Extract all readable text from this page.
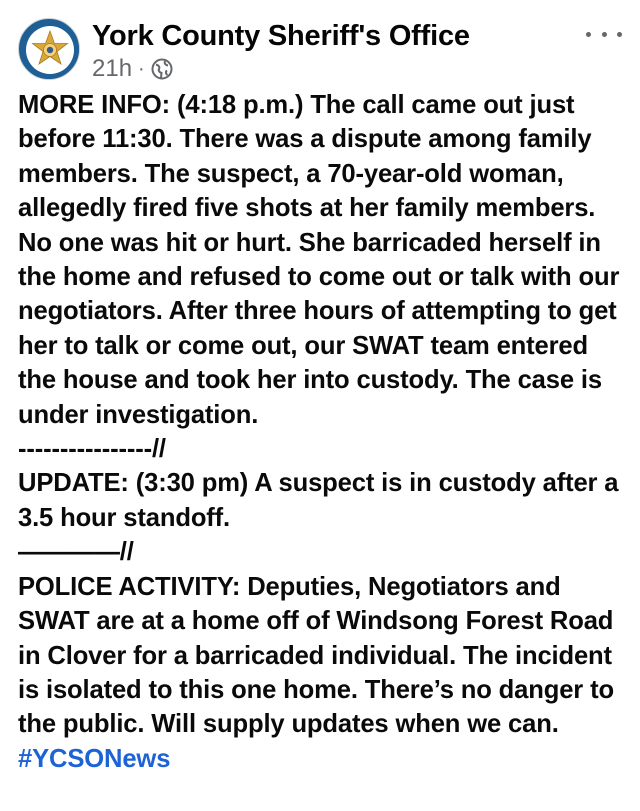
York County Sheriff's Office
21h ·

MORE INFO: (4:18 p.m.) The call came out just before 11:30. There was a dispute among family members. The suspect, a 70-year-old woman, allegedly fired five shots at her family members. No one was hit or hurt. She barricaded herself in the home and refused to come out or talk with our negotiators. After three hours of attempting to get her to talk or come out, our SWAT team entered the house and took her into custody. The case is under investigation.

----------------//

UPDATE: (3:30 pm) A suspect is in custody after a 3.5 hour standoff.

————//

POLICE ACTIVITY: Deputies, Negotiators and SWAT are at a home off of Windsong Forest Road in Clover for a barricaded individual. The incident is isolated to this one home. There’s no danger to the public. Will supply updates when we can.  #YCSONews
